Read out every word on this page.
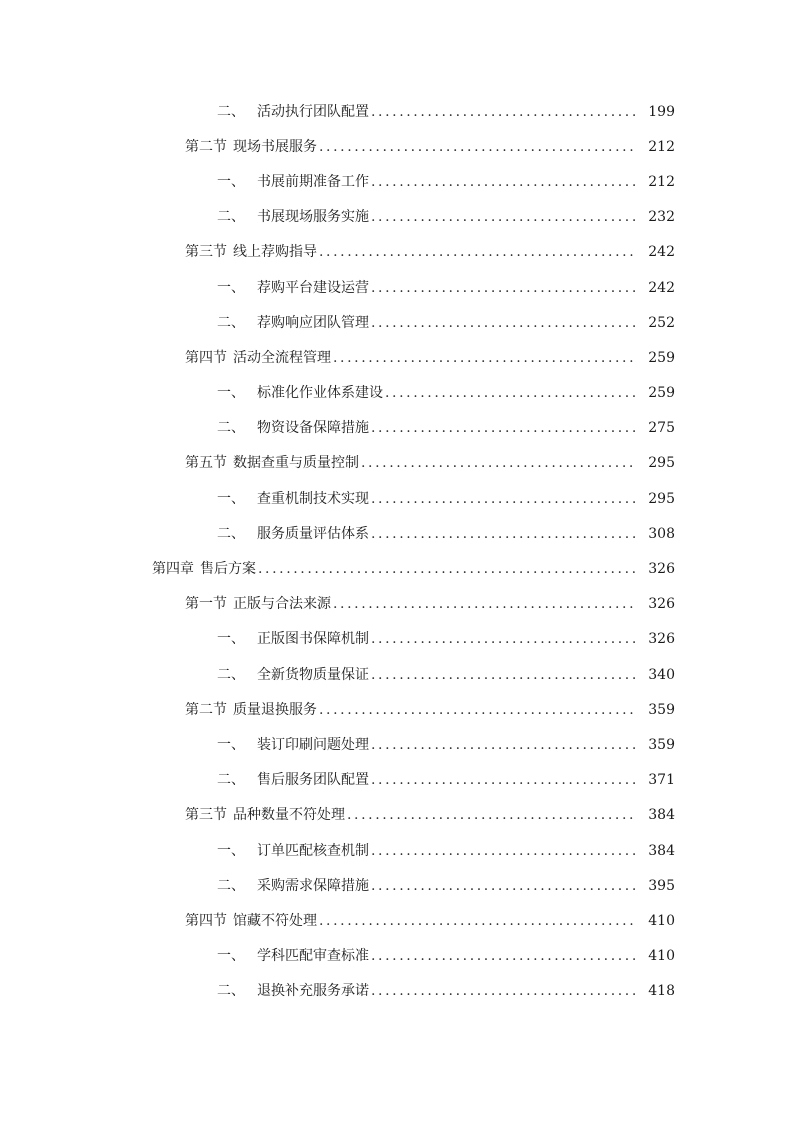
二、 活动执行团队配置 .....	199
第二节 现场书展服务 .....	212
一、 书展前期准备工作 .....	212
二、 书展现场服务实施 .....	232
第三节 线上荐购指导 .....	242
一、 荐购平台建设运营 .....	242
二、 荐购响应团队管理 .....	252
第四节 活动全流程管理 .....	259
一、 标准化作业体系建设 .....	259
二、 物资设备保障措施 .....	275
第五节 数据查重与质量控制 .....	295
一、 查重机制技术实现 .....	295
二、 服务质量评估体系 .....	308
第四章 售后方案 .....	326
第一节 正版与合法来源 .....	326
一、 正版图书保障机制 .....	326
二、 全新货物质量保证 .....	340
第二节 质量退换服务 .....	359
一、 装订印刷问题处理 .....	359
二、 售后服务团队配置 .....	371
第三节 品种数量不符处理 .....	384
一、 订单匹配核查机制 .....	384
二、 采购需求保障措施 .....	395
第四节 馆藏不符处理 .....	410
一、 学科匹配审查标准 .....	410
二、 退换补充服务承诺 .....	418
